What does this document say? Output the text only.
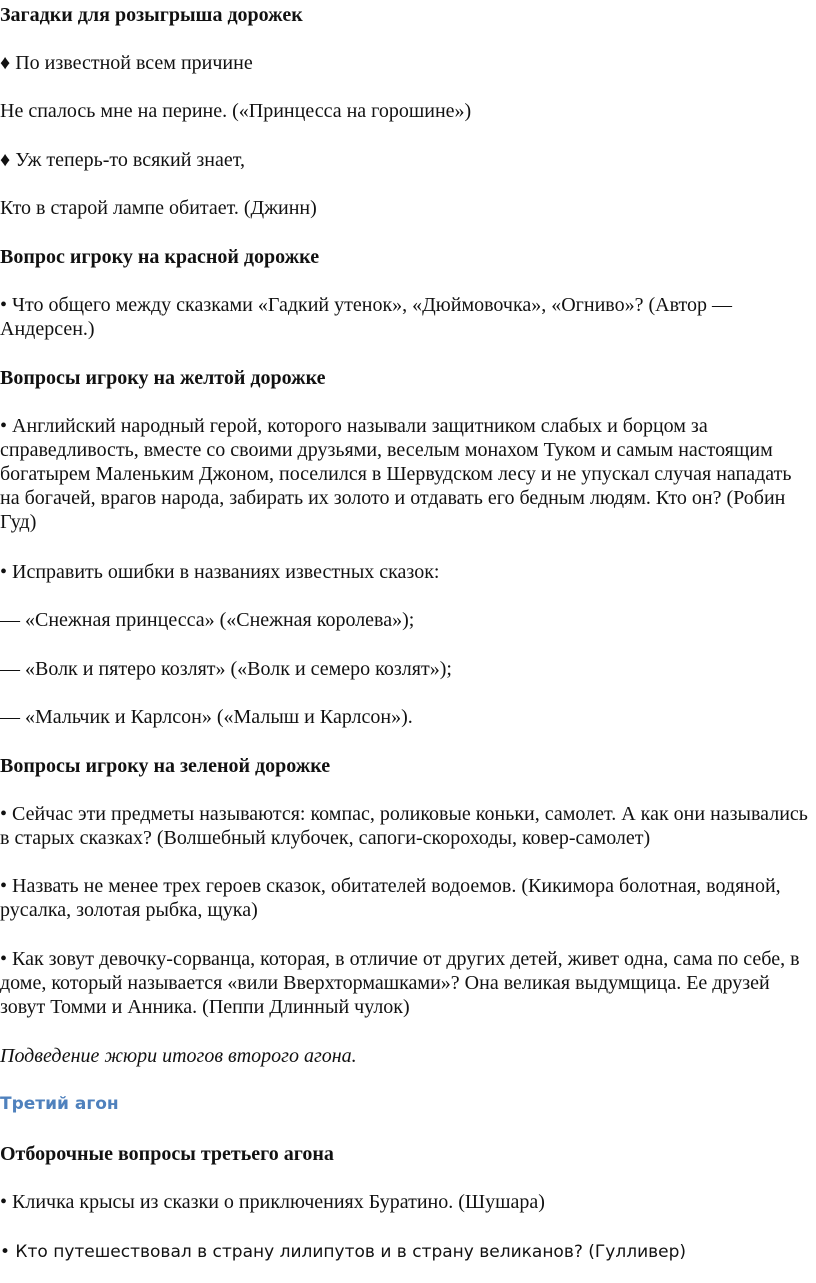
Загадки для розыгрыша дорожек

♦ По известной всем причине

Не спалось мне на перине. («Принцесса на горошине»)

♦ Уж теперь-то всякий знает,

Кто в старой лампе обитает. (Джинн)

Вопрос игроку на красной дорожке

• Что общего между сказками «Гадкий утенок», «Дюймовочка», «Огниво»? (Автор — Андерсен.)

Вопросы игроку на желтой дорожке

• Английский народный герой, которого называли защитником слабых и борцом за справедливость, вместе со своими друзьями, веселым монахом Туком и самым настоящим богатырем Маленьким Джоном, поселился в Шервудском лесу и не упускал случая нападать на богачей, врагов народа, забирать их золото и отдавать его бедным людям. Кто он? (Робин Гуд)

• Исправить ошибки в названиях известных сказок:

— «Снежная принцесса» («Снежная королева»);

— «Волк и пятеро козлят» («Волк и семеро козлят»);

— «Мальчик и Карлсон» («Малыш и Карлсон»).

Вопросы игроку на зеленой дорожке

• Сейчас эти предметы называются: компас, роликовые коньки, самолет. А как они назывались в старых сказках? (Волшебный клубочек, сапоги-скороходы, ковер-самолет)

• Назвать не менее трех героев сказок, обитателей водоемов. (Кикимора болотная, водяной, русалка, золотая рыбка, щука)

• Как зовут девочку-сорванца, которая, в отличие от других детей, живет одна, сама по себе, в доме, который называется «вили Вверхтормашками»? Она великая выдумщица. Ее друзей зовут Томми и Анника. (Пеппи Длинный чулок)

Подведение жюри итогов второго агона.

Третий агон

Отборочные вопросы третьего агона

• Кличка крысы из сказки о приключениях Буратино. (Шушара)

• Кто путешествовал в страну лилипутов и в страну великанов? (Гулливер)
